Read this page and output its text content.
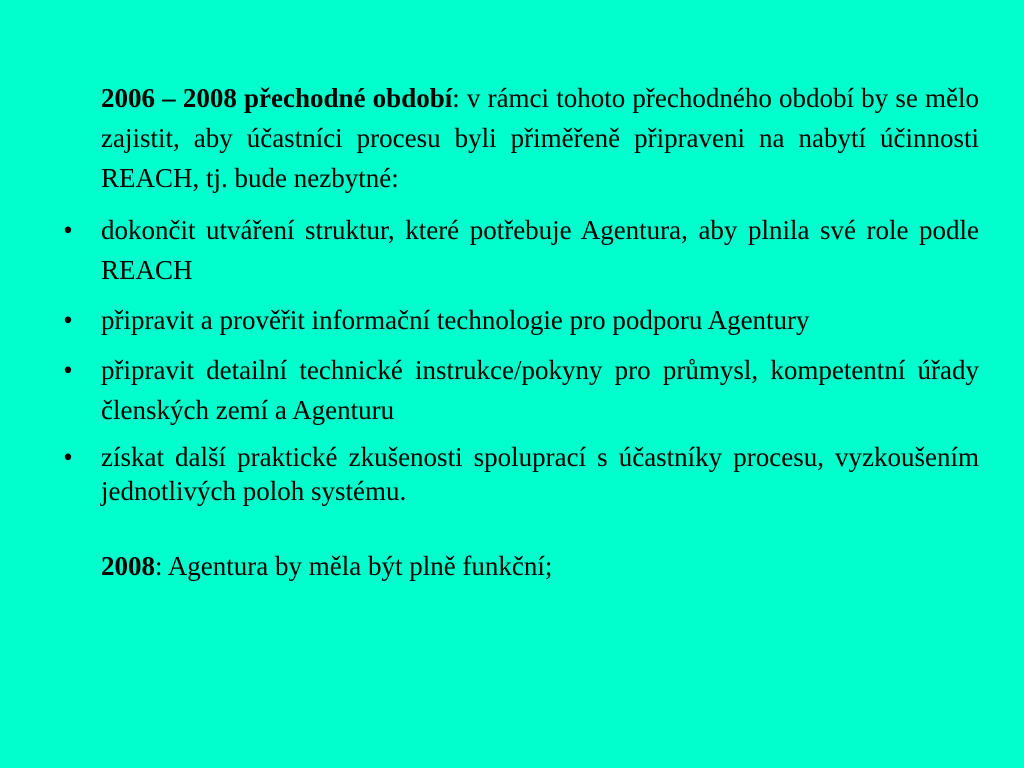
2006 – 2008 přechodné období: v rámci tohoto přechodného období by se mělo zajistit, aby účastníci procesu byli přiměřeně připraveni na nabytí účinnosti REACH, tj. bude nezbytné:

• dokončit utváření struktur, které potřebuje Agentura, aby plnila své role podle REACH
• připravit a prověřit informační technologie pro podporu Agentury
• připravit detailní technické instrukce/pokyny pro průmysl, kompetentní úřady členských zemí a Agenturu
• získat další praktické zkušenosti spoluprací s účastníky procesu, vyzkoušením jednotlivých poloh systému.

2008: Agentura by měla být plně funkční;
